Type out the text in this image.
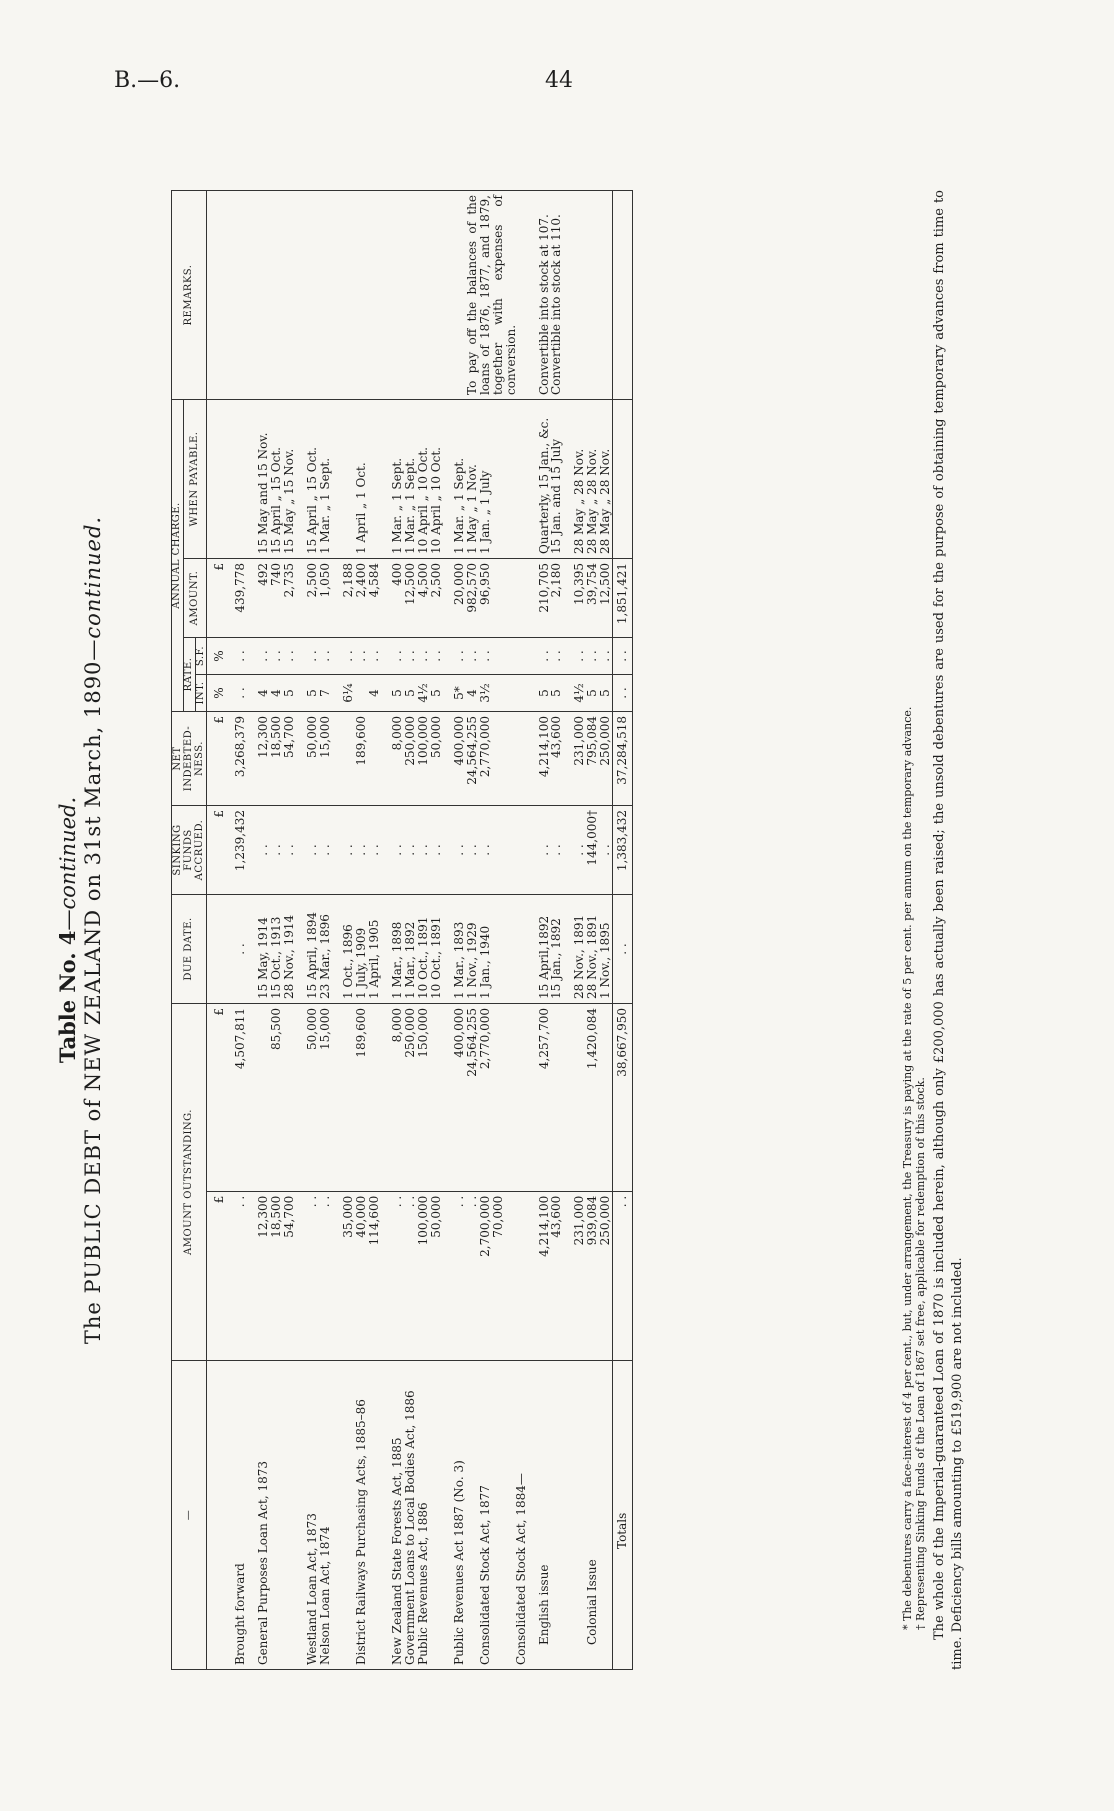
B.—6.	44
Table No. 4—continued. The PUBLIC DEBT of NEW ZEALAND on 31st March, 1890—continued.
—	AMOUNT OUTSTANDING.		DUE DATE.	SINKING FUNDS ACCRUED.	NET INDEBTED-NESS.	ANNUAL CHARGE.				REMARKS.
						RATE.		AMOUNT.	WHEN PAYABLE.	
						INT.	S.F.			
	£	£		£	£	%	%	£		
Brought forward	. .	4,507,811	. .	1,239,432	3,268,379	. .	. .	439,778		
General Purposes Loan Act, 1873	12,300		15 May, 1914	. .	12,300	4	. .	492	15 May and 15 Nov.	
	18,500	85,500	15 Oct., 1913	. .	18,500	4	. .	740	15 April „ 15 Oct.	
	54,700		28 Nov., 1914	. .	54,700	5	. .	2,735	15 May „ 15 Nov.	
Westland Loan Act, 1873	. .	50,000	15 April, 1894	. .	50,000	5	. .	2,500	15 April „ 15 Oct.	
Nelson Loan Act, 1874	. .	15,000	23 Mar., 1896	. .	15,000	7	. .	1,050	1 Mar. „ 1 Sept.	
	35,000		1 Oct., 1896	. .		6¼	. .	2,188		
District Railways Purchasing Acts, 1885–86	40,000	189,600	1 July, 1909	. .	189,600		. .	2,400	1 April „ 1 Oct.	
	114,600		1 April, 1905	. .		4	. .	4,584		
New Zealand State Forests Act, 1885	. .	8,000	1 Mar., 1898	. .	8,000	5	. .	400	1 Mar. „ 1 Sept.	
Government Loans to Local Bodies Act, 1886	. .	250,000	1 Mar., 1892	. .	250,000	5	. .	12,500	1 Mar. „ 1 Sept.	
Public Revenues Act, 1886	100,000	150,000	10 Oct., 1891	. .	100,000	4½	. .	4,500	10 April „ 10 Oct.	
	50,000		10 Oct., 1891	. .	50,000	5	. .	2,500	10 April „ 10 Oct.	
Public Revenues Act 1887 (No. 3)	. .	400,000	1 Mar., 1893	. .	400,000	5*	. .	20,000	1 Mar. „ 1 Sept.	
	. .	24,564,255	1 Nov., 1929	. .	24,564,255	4	. .	982,570	1 May „ 1 Nov.	To pay off the balances of the loans of 1876, 1877, and 1879, together with expenses of conversion.
Consolidated Stock Act, 1877	2,700,000	2,770,000	1 Jan., 1940	. .	2,770,000	3½	. .	96,950	1 Jan. „ 1 July	
	70,000									
Consolidated Stock Act, 1884—										
English issue	4,214,100	4,257,700	15 April,1892	. .	4,214,100	5	. .	210,705	Quarterly, 15 Jan., &c.	Convertible into stock at 107.
	43,600		15 Jan., 1892	. .	43,600	5	. .	2,180	15 Jan. and 15 July	Convertible into stock at 110.
	231,000		28 Nov., 1891	. .	231,000	4½	. .	10,395	28 May „ 28 Nov.	
Colonial Issue	939,084	1,420,084	28 Nov., 1891	144,000†	795,084	5	. .	39,754	28 May „ 28 Nov.	
	250,000		1 Nov., 1895	. .	250,000	5	. .	12,500	28 May „ 28 Nov.	
Totals	. .	38,667,950	. .	1,383,432	37,284,518	. .	. .	1,851,421		
* The debentures carry a face-interest of 4 per cent., but, under arrangement, the Treasury is paying at the rate of 5 per cent. per annum on the temporary advance. † Representing Sinking Funds of the Loan of 1867 set free, applicable for redemption of this stock. The whole of the Imperial-guaranteed Loan of 1870 is included herein, although only £200,000 has actually been raised; the unsold debentures are used for the purpose of obtaining temporary advances from time to time. Deficiency bills amounting to £519,900 are not included.
